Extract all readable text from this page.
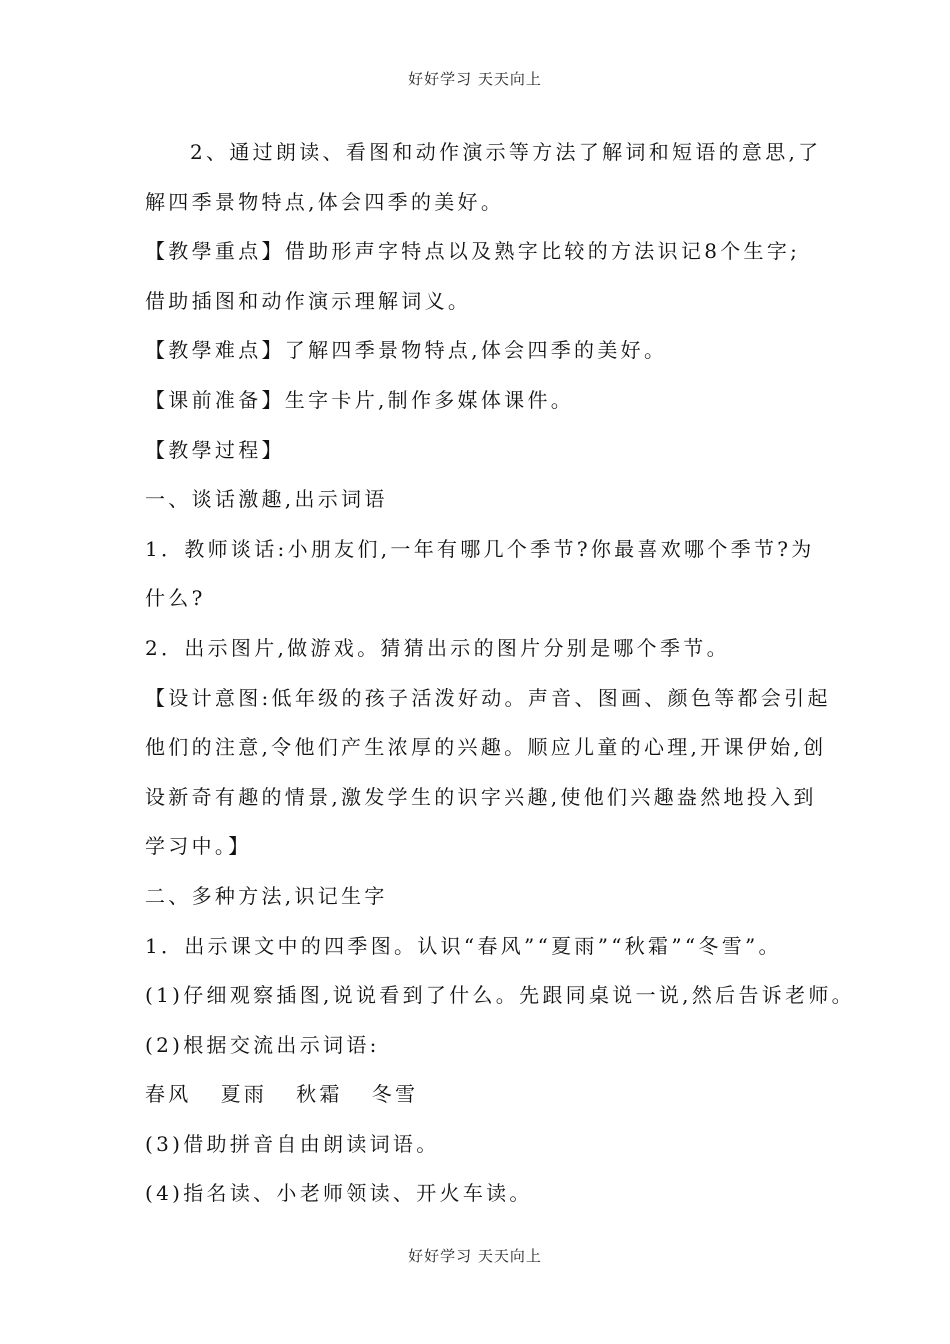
好好学习 天天向上
2、通过朗读、看图和动作演示等方法了解词和短语的意思,了
解四季景物特点,体会四季的美好。
【教學重点】借助形声字特点以及熟字比较的方法识记8个生字;
借助插图和动作演示理解词义。
【教學难点】了解四季景物特点,体会四季的美好。
【课前准备】生字卡片,制作多媒体课件。
【教學过程】
一、谈话激趣,出示词语
1．教师谈话:小朋友们,一年有哪几个季节?你最喜欢哪个季节?为
什么?
2．出示图片,做游戏。猜猜出示的图片分别是哪个季节。
【设计意图:低年级的孩子活泼好动。声音、图画、颜色等都会引起
他们的注意,令他们产生浓厚的兴趣。顺应儿童的心理,开课伊始,创
设新奇有趣的情景,激发学生的识字兴趣,使他们兴趣盎然地投入到
学习中。】
二、多种方法,识记生字
1．出示课文中的四季图。认识“春风”“夏雨”“秋霜”“冬雪”。
(1)仔细观察插图,说说看到了什么。先跟同桌说一说,然后告诉老师。
(2)根据交流出示词语:
春风   夏雨   秋霜   冬雪
(3)借助拼音自由朗读词语。
(4)指名读、小老师领读、开火车读。
好好学习 天天向上
